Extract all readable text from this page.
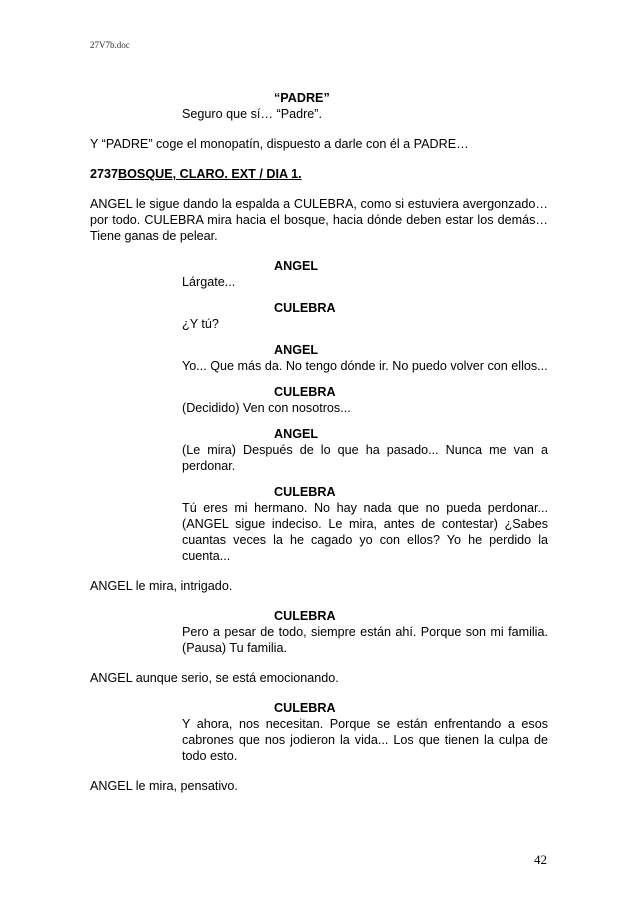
27V7b.doc
“PADRE”
Seguro que sí… “Padre”.
Y “PADRE” coge el monopatín, dispuesto a darle con él a PADRE…
2737BOSQUE, CLARO. EXT / DIA 1.
ANGEL le sigue dando la espalda a CULEBRA, como si estuviera avergonzado… por todo. CULEBRA mira hacia el bosque, hacia dónde deben estar los demás… Tiene ganas de pelear.
ANGEL
Lárgate...
CULEBRA
¿Y tú?
ANGEL
Yo... Que más da. No tengo dónde ir. No puedo volver con ellos...
CULEBRA
(Decidido) Ven con nosotros...
ANGEL
(Le mira) Después de lo que ha pasado... Nunca me van a perdonar.
CULEBRA
Tú eres mi hermano. No hay nada que no pueda perdonar... (ANGEL sigue indeciso. Le mira, antes de contestar) ¿Sabes cuantas veces la he cagado yo con ellos? Yo he perdido la cuenta...
ANGEL le mira, intrigado.
CULEBRA
Pero a pesar de todo, siempre están ahí. Porque son mi familia. (Pausa) Tu familia.
ANGEL aunque serio, se está emocionando.
CULEBRA
Y ahora, nos necesitan. Porque se están enfrentando a esos cabrones que nos jodieron la vida... Los que tienen la culpa de todo esto.
ANGEL le mira, pensativo.
42
